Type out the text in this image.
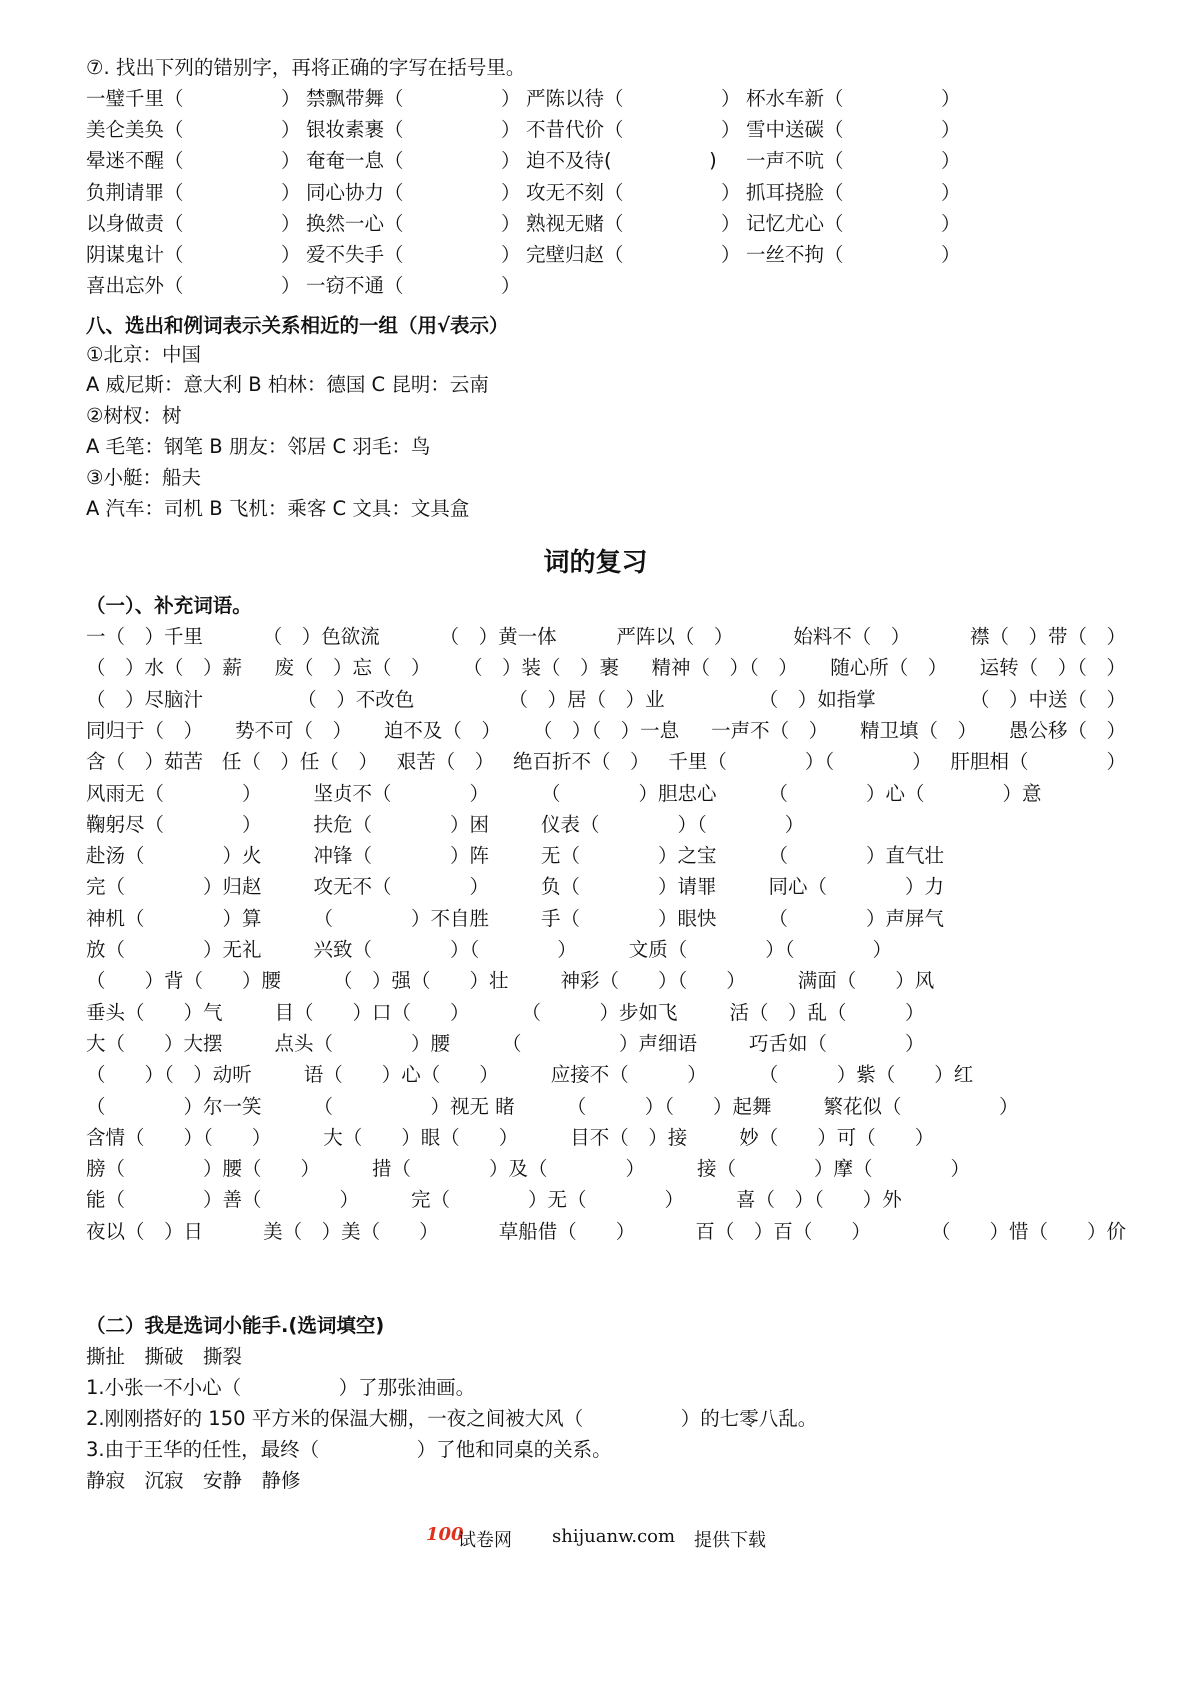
⑦. 找出下列的错别字，再将正确的字写在括号里。
一璧千里（　　　　　） 禁飘带舞（　　　　　） 严陈以待（　　　　　） 杯水车新（　　　　　）
美仑美奂（　　　　　） 银妆素裹（　　　　　） 不昔代价（　　　　　） 雪中送碳（　　　　　）
晕迷不醒（　　　　　） 奄奄一息（　　　　　） 迫不及待(　　　　　) 一声不吭（　　　　　）
负荆请罪（　　　　　） 同心协力（　　　　　） 攻无不刻（　　　　　） 抓耳挠脸（　　　　　）
以身做责（　　　　　） 换然一心（　　　　　） 熟视无赌（　　　　　） 记忆尤心（　　　　　）
阴谋鬼计（　　　　　） 爱不失手（　　　　　） 完壁归赵（　　　　　） 一丝不拘（　　　　　）
喜出忘外（　　　　　） 一窃不通（　　　　　）
八、选出和例词表示关系相近的一组（用√表示）
①北京：中国
A 威尼斯：意大利 B 柏林：德国 C 昆明：云南
②树杈：树
A 毛笔：钢笔 B 朋友：邻居 C 羽毛：鸟
③小艇：船夫
A 汽车：司机 B 飞机：乘客 C 文具：文具盒
词的复习
（一）、补充词语。
一（　）千里	（　）色欲流	（　）黄一体	严阵以（　）	始料不（　）	襟（　）带（　）
（　）水（　）薪 废（　）忘（　） （　）装（　）裹 精神（　）（　） 随心所（　） 运转（　）（　）
（　）尽脑汁	（　）不改色	（　）居（　）业	（　）如指掌	（　）中送（　）
同归于（　） 势不可（　） 迫不及（　） （　）（　）一息 一声不（　） 精卫填（　） 愚公移（　）
含（　）茹苦 任（　）任（　） 艰苦（　） 绝百折不（　） 千里（　　　　）（　　　　） 肝胆相（　　　　）
风雨无（　　　　）	坚贞不（　　　　）	（　　　　）胆忠心	（　　　　）心（　　　　）意
鞠躬尽（　　　　）	扶危（　　　　）困	仪表（　　　　）（　　　　）
赴汤（　　　　）火	冲锋（　　　　）阵	无（　　　　）之宝	（　　　　）直气壮
完（　　　　）归赵	攻无不（　　　　）	负（　　　　）请罪	同心（　　　　）力
神机（　　　　）算	（　　　　）不自胜	手（　　　　）眼快	（　　　　）声屏气
放（　　　　）无礼	兴致（　　　　）（　　　　）	文质（　　　　）（　　　　）
（　　）背（　　）腰	（　）强（　　）壮	神彩（　　）（　　）	满面（　　）风
垂头（　　）气	目（　　）口（　　）	（　　　）步如飞	活（　）乱（　　　）
大（　　）大摆	点头（　　　　）腰	（　　　　　）声细语	巧舌如（　　　　）
（　　）（　）动听	语（　　）心（　　）	应接不（　　　）	（　　　）紫（　　）红
（　　　　）尔一笑	（　　　　　）视无 睹	（　　　）（　　）起舞	繁花似（　　　　　）
含情（　　）（　　）	大（　　）眼（　　）	目不（　）接	妙（　　）可（　　）
膀（　　　　）腰（　　）	措（　　　　）及（　　　　）	接（　　　　）摩（　　　　）
能（　　　　）善（　　　　）	完（　　　　）无（　　　　）	喜（　）（　　）外
夜以（　）日	美（　）美（　　）	草船借（　　）	百（　）百（　　）	（　　）惜（　　）价
（二）我是选词小能手.(选词填空)
撕扯　撕破　撕裂
1.小张一不小心（　　　　　）了那张油画。
2.刚刚搭好的 150 平方米的保温大棚，一夜之间被大风（　　　　　）的七零八乱。
3.由于王华的任性，最终（　　　　　）了他和同桌的关系。
静寂　沉寂　安静　静修
100
试卷网 shijuanw.com 提供下载
